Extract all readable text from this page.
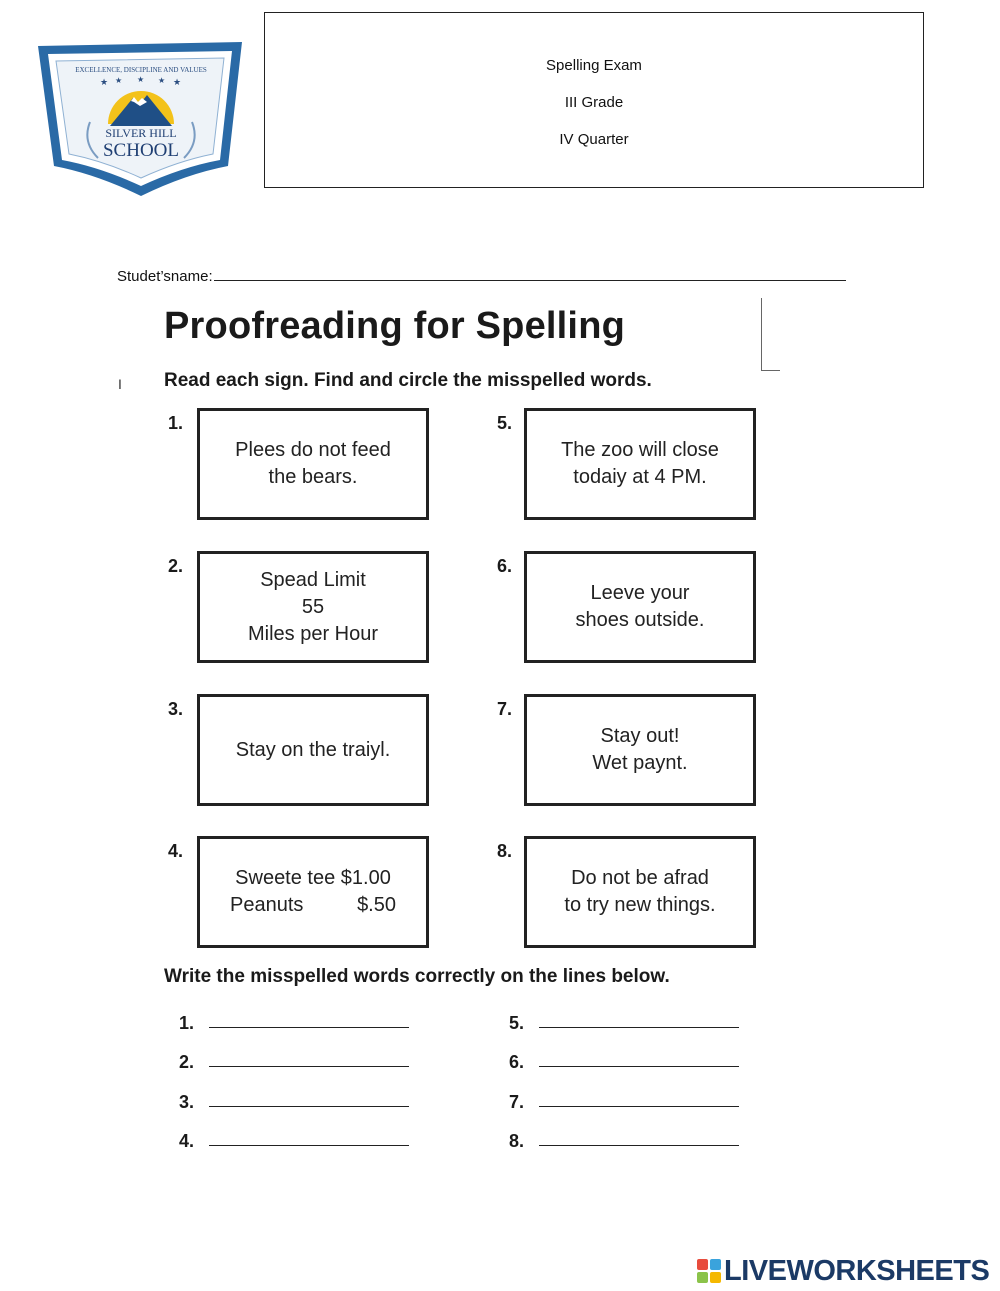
EXCELLENCE, DISCIPLINE AND VALUES
★ ★ ★ ★ ★
SILVER HILL
SCHOOL
Spelling Exam
III Grade
IV Quarter
Studet’sname:
I
Proofreading for Spelling
Read each sign. Find and circle the misspelled words.
1.
2.
3.
4.
5.
6.
7.
8.
Plees do not feed
the bears.
Spead Limit
55
Miles per Hour
Stay on the traiyl.
Sweete tee $1.00
Peanuts	$.50
The zoo will close
todaiy at 4 PM.
Leeve your
shoes outside.
Stay out!
Wet paynt.
Do not be afrad
to try new things.
Write the misspelled words correctly on the lines below.
1.
2.
3.
4.
5.
6.
7.
8.
LIVEWORKSHEETS
